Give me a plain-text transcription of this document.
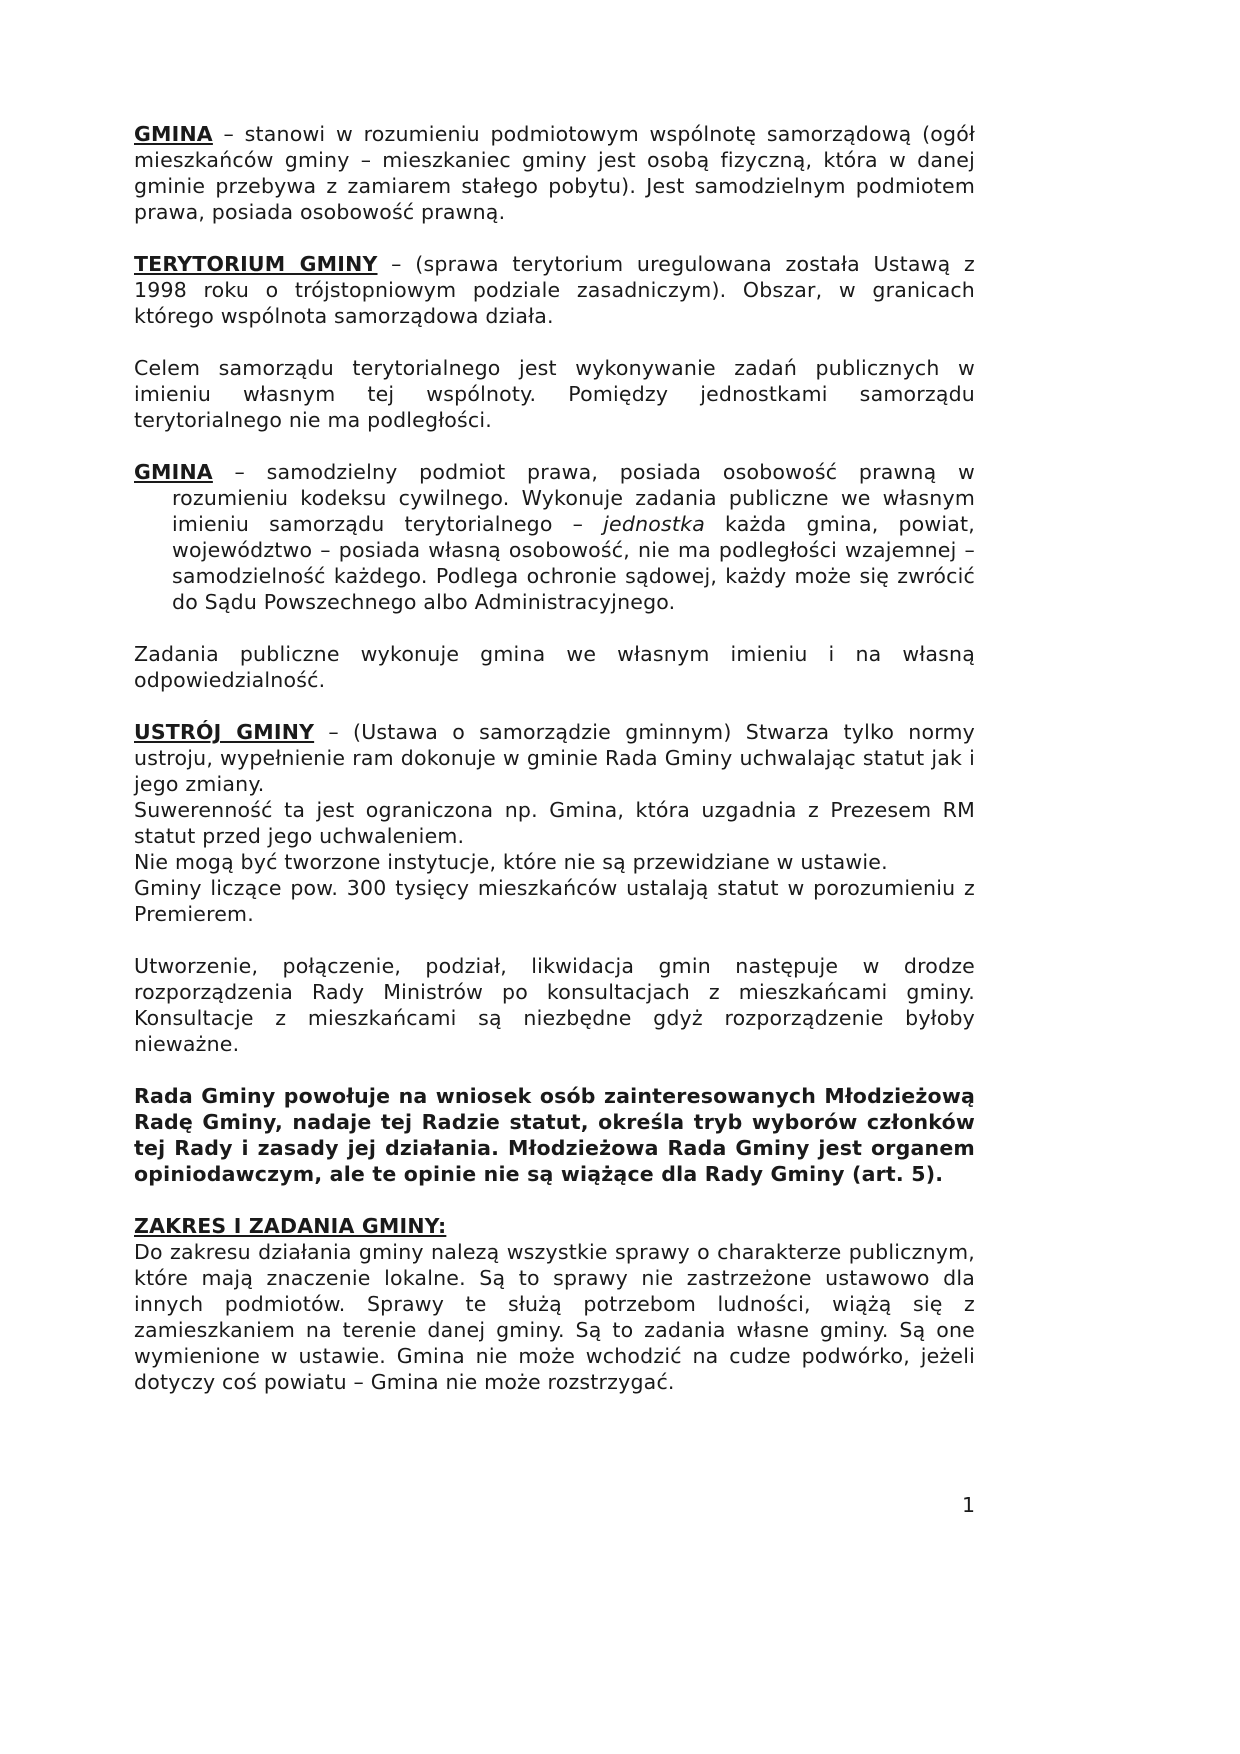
GMINA – stanowi w rozumieniu podmiotowym wspólnotę samorządową (ogół mieszkańców gminy – mieszkaniec gminy jest osobą fizyczną, która w danej gminie przebywa z zamiarem stałego pobytu). Jest samodzielnym podmiotem prawa, posiada osobowość prawną.

TERYTORIUM GMINY – (sprawa terytorium uregulowana została Ustawą z 1998 roku o trójstopniowym podziale zasadniczym). Obszar, w granicach którego wspólnota samorządowa działa.

Celem samorządu terytorialnego jest wykonywanie zadań publicznych w imieniu własnym tej wspólnoty. Pomiędzy jednostkami samorządu terytorialnego nie ma podległości.

GMINA – samodzielny podmiot prawa, posiada osobowość prawną w rozumieniu kodeksu cywilnego. Wykonuje zadania publiczne we własnym imieniu samorządu terytorialnego – jednostka każda gmina, powiat, województwo – posiada własną osobowość, nie ma podległości wzajemnej – samodzielność każdego. Podlega ochronie sądowej, każdy może się zwrócić do Sądu Powszechnego albo Administracyjnego.

Zadania publiczne wykonuje gmina we własnym imieniu i na własną odpowiedzialność.

USTRÓJ GMINY – (Ustawa o samorządzie gminnym) Stwarza tylko normy ustroju, wypełnienie ram dokonuje w gminie Rada Gminy uchwalając statut jak i jego zmiany.

Suwerenność ta jest ograniczona np. Gmina, która uzgadnia z Prezesem RM statut przed jego uchwaleniem.

Nie mogą być tworzone instytucje, które nie są przewidziane w ustawie.

Gminy liczące pow. 300 tysięcy mieszkańców ustalają statut w porozumieniu z Premierem.

Utworzenie, połączenie, podział, likwidacja gmin następuje w drodze rozporządzenia Rady Ministrów po konsultacjach z mieszkańcami gminy. Konsultacje z mieszkańcami są niezbędne gdyż rozporządzenie byłoby nieważne.

Rada Gminy powołuje na wniosek osób zainteresowanych Młodzieżową Radę Gminy, nadaje tej Radzie statut, określa tryb wyborów członków tej Rady i zasady jej działania. Młodzieżowa Rada Gminy jest organem opiniodawczym, ale te opinie nie są wiążące dla Rady Gminy (art. 5).

ZAKRES I ZADANIA GMINY:

Do zakresu działania gminy nalezą wszystkie sprawy o charakterze publicznym, które mają znaczenie lokalne. Są to sprawy nie zastrzeżone ustawowo dla innych podmiotów. Sprawy te służą potrzebom ludności, wiążą się z zamieszkaniem na terenie danej gminy. Są to zadania własne gminy. Są one wymienione w ustawie. Gmina nie może wchodzić na cudze podwórko, jeżeli dotyczy coś powiatu – Gmina nie może rozstrzygać.

1
